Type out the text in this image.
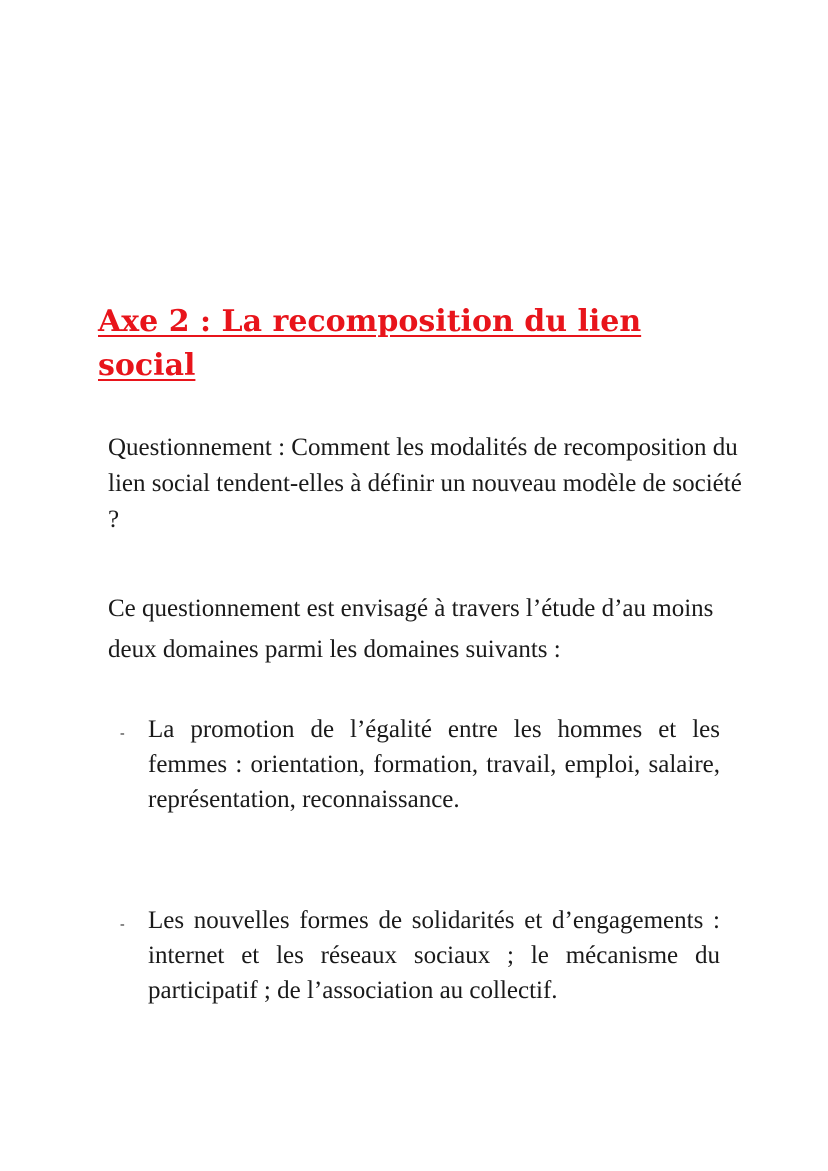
Axe 2 : La recomposition du lien social

Questionnement : Comment les modalités de recomposition du lien social tendent-elles à définir un nouveau modèle de société ?

Ce questionnement est envisagé à travers l’étude d’au moins deux domaines parmi les domaines suivants :

- La promotion de l’égalité entre les hommes et les femmes : orientation, formation, travail, emploi, salaire, représentation, reconnaissance.
- Les nouvelles formes de solidarités et d’engagements : internet et les réseaux sociaux ; le mécanisme du participatif ; de l’association au collectif.
